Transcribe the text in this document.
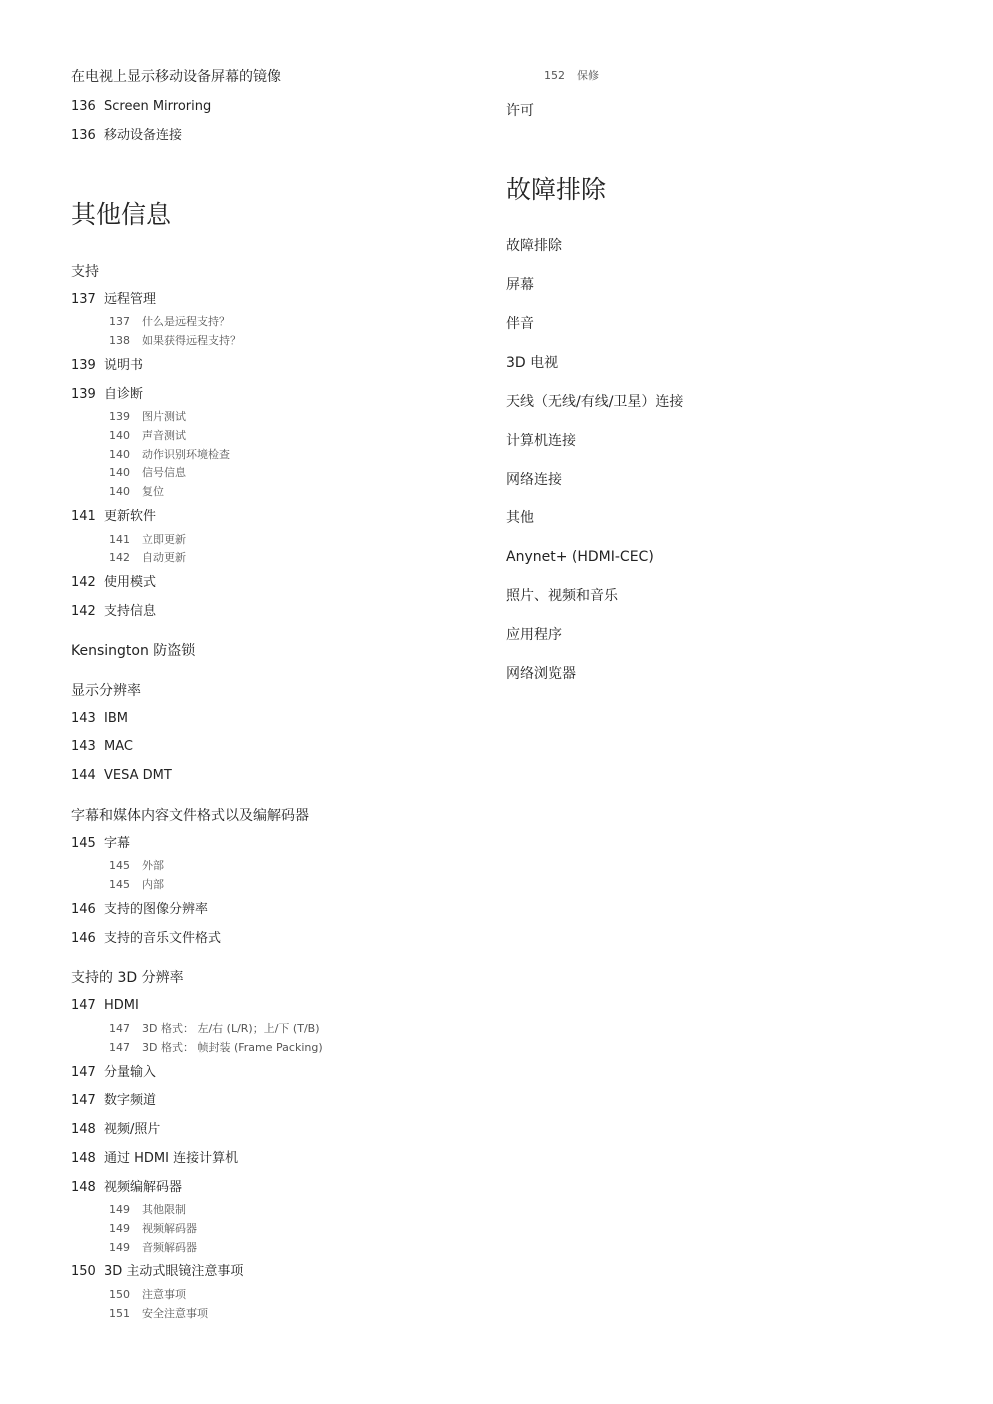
在电视上显示移动设备屏幕的镜像
136 Screen Mirroring
136 移动设备连接
其他信息
支持
137 远程管理
137 什么是远程支持？
138 如果获得远程支持？
139 说明书
139 自诊断
139 图片测试
140 声音测试
140 动作识别环境检查
140 信号信息
140 复位
141 更新软件
141 立即更新
142 自动更新
142 使用模式
142 支持信息
Kensington 防盗锁
显示分辨率
143 IBM
143 MAC
144 VESA DMT
字幕和媒体内容文件格式以及编解码器
145 字幕
145 外部
145 内部
146 支持的图像分辨率
146 支持的音乐文件格式
支持的 3D 分辨率
147 HDMI
147 3D 格式： 左/右 (L/R)；上/下 (T/B)
147 3D 格式： 帧封装 (Frame Packing)
147 分量输入
147 数字频道
148 视频/照片
148 通过 HDMI 连接计算机
148 视频编解码器
149 其他限制
149 视频解码器
149 音频解码器
150 3D 主动式眼镜注意事项
150 注意事项
151 安全注意事项
152 保修
许可
故障排除
故障排除
屏幕
伴音
3D 电视
天线（无线/有线/卫星）连接
计算机连接
网络连接
其他
Anynet+ (HDMI-CEC)
照片、视频和音乐
应用程序
网络浏览器
